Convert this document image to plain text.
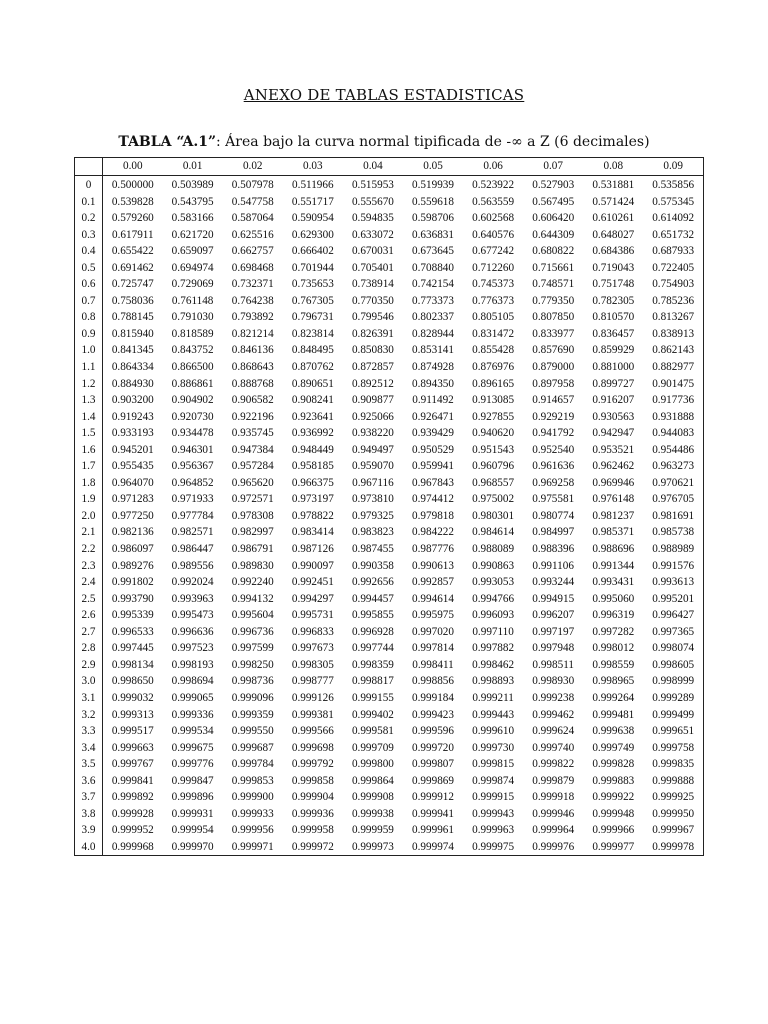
ANEXO DE TABLAS ESTADISTICAS
TABLA “A.1”: Área bajo la curva normal tipificada de -∞ a Z (6 decimales)
	0.00	0.01	0.02	0.03	0.04	0.05	0.06	0.07	0.08	0.09
0	0.500000	0.503989	0.507978	0.511966	0.515953	0.519939	0.523922	0.527903	0.531881	0.535856
0.1	0.539828	0.543795	0.547758	0.551717	0.555670	0.559618	0.563559	0.567495	0.571424	0.575345
0.2	0.579260	0.583166	0.587064	0.590954	0.594835	0.598706	0.602568	0.606420	0.610261	0.614092
0.3	0.617911	0.621720	0.625516	0.629300	0.633072	0.636831	0.640576	0.644309	0.648027	0.651732
0.4	0.655422	0.659097	0.662757	0.666402	0.670031	0.673645	0.677242	0.680822	0.684386	0.687933
0.5	0.691462	0.694974	0.698468	0.701944	0.705401	0.708840	0.712260	0.715661	0.719043	0.722405
0.6	0.725747	0.729069	0.732371	0.735653	0.738914	0.742154	0.745373	0.748571	0.751748	0.754903
0.7	0.758036	0.761148	0.764238	0.767305	0.770350	0.773373	0.776373	0.779350	0.782305	0.785236
0.8	0.788145	0.791030	0.793892	0.796731	0.799546	0.802337	0.805105	0.807850	0.810570	0.813267
0.9	0.815940	0.818589	0.821214	0.823814	0.826391	0.828944	0.831472	0.833977	0.836457	0.838913
1.0	0.841345	0.843752	0.846136	0.848495	0.850830	0.853141	0.855428	0.857690	0.859929	0.862143
1.1	0.864334	0.866500	0.868643	0.870762	0.872857	0.874928	0.876976	0.879000	0.881000	0.882977
1.2	0.884930	0.886861	0.888768	0.890651	0.892512	0.894350	0.896165	0.897958	0.899727	0.901475
1.3	0.903200	0.904902	0.906582	0.908241	0.909877	0.911492	0.913085	0.914657	0.916207	0.917736
1.4	0.919243	0.920730	0.922196	0.923641	0.925066	0.926471	0.927855	0.929219	0.930563	0.931888
1.5	0.933193	0.934478	0.935745	0.936992	0.938220	0.939429	0.940620	0.941792	0.942947	0.944083
1.6	0.945201	0.946301	0.947384	0.948449	0.949497	0.950529	0.951543	0.952540	0.953521	0.954486
1.7	0.955435	0.956367	0.957284	0.958185	0.959070	0.959941	0.960796	0.961636	0.962462	0.963273
1.8	0.964070	0.964852	0.965620	0.966375	0.967116	0.967843	0.968557	0.969258	0.969946	0.970621
1.9	0.971283	0.971933	0.972571	0.973197	0.973810	0.974412	0.975002	0.975581	0.976148	0.976705
2.0	0.977250	0.977784	0.978308	0.978822	0.979325	0.979818	0.980301	0.980774	0.981237	0.981691
2.1	0.982136	0.982571	0.982997	0.983414	0.983823	0.984222	0.984614	0.984997	0.985371	0.985738
2.2	0.986097	0.986447	0.986791	0.987126	0.987455	0.987776	0.988089	0.988396	0.988696	0.988989
2.3	0.989276	0.989556	0.989830	0.990097	0.990358	0.990613	0.990863	0.991106	0.991344	0.991576
2.4	0.991802	0.992024	0.992240	0.992451	0.992656	0.992857	0.993053	0.993244	0.993431	0.993613
2.5	0.993790	0.993963	0.994132	0.994297	0.994457	0.994614	0.994766	0.994915	0.995060	0.995201
2.6	0.995339	0.995473	0.995604	0.995731	0.995855	0.995975	0.996093	0.996207	0.996319	0.996427
2.7	0.996533	0.996636	0.996736	0.996833	0.996928	0.997020	0.997110	0.997197	0.997282	0.997365
2.8	0.997445	0.997523	0.997599	0.997673	0.997744	0.997814	0.997882	0.997948	0.998012	0.998074
2.9	0.998134	0.998193	0.998250	0.998305	0.998359	0.998411	0.998462	0.998511	0.998559	0.998605
3.0	0.998650	0.998694	0.998736	0.998777	0.998817	0.998856	0.998893	0.998930	0.998965	0.998999
3.1	0.999032	0.999065	0.999096	0.999126	0.999155	0.999184	0.999211	0.999238	0.999264	0.999289
3.2	0.999313	0.999336	0.999359	0.999381	0.999402	0.999423	0.999443	0.999462	0.999481	0.999499
3.3	0.999517	0.999534	0.999550	0.999566	0.999581	0.999596	0.999610	0.999624	0.999638	0.999651
3.4	0.999663	0.999675	0.999687	0.999698	0.999709	0.999720	0.999730	0.999740	0.999749	0.999758
3.5	0.999767	0.999776	0.999784	0.999792	0.999800	0.999807	0.999815	0.999822	0.999828	0.999835
3.6	0.999841	0.999847	0.999853	0.999858	0.999864	0.999869	0.999874	0.999879	0.999883	0.999888
3.7	0.999892	0.999896	0.999900	0.999904	0.999908	0.999912	0.999915	0.999918	0.999922	0.999925
3.8	0.999928	0.999931	0.999933	0.999936	0.999938	0.999941	0.999943	0.999946	0.999948	0.999950
3.9	0.999952	0.999954	0.999956	0.999958	0.999959	0.999961	0.999963	0.999964	0.999966	0.999967
4.0	0.999968	0.999970	0.999971	0.999972	0.999973	0.999974	0.999975	0.999976	0.999977	0.999978
